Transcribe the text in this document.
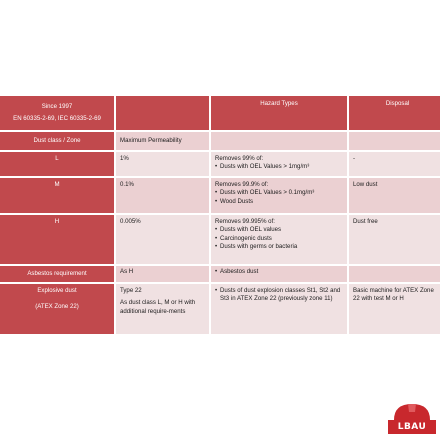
Since 1997

EN 60335-2-69, IEC 60335-2-69

Hazard Types	Disposal
Dust class / Zone	Maximum Permeability
L	1%	Removes 99% of:

• Dusts with OEL Values > 1mg/m³
-
M	0.1%	Removes 99.9% of:

• Dusts with OEL Values > 0.1mg/m³
• Wood Dusts
Low dust
H	0.005%	Removes 99.995% of:

• Dusts with OEL values
• Carcinogenic dusts
• Dusts with germs or bacteria
Dust free
Asbestos requirement	As H
•	Asbestos dust

Explosive dust

(ATEX Zone 22)

Type 22

As dust class L, M or H with additional require-ments

• Dusts of dust explosion classes St1, St2 and St3 in ATEX Zone 22 (previously zone 11)
Basic machine for ATEX Zone 22 with test M or H
LBAU
